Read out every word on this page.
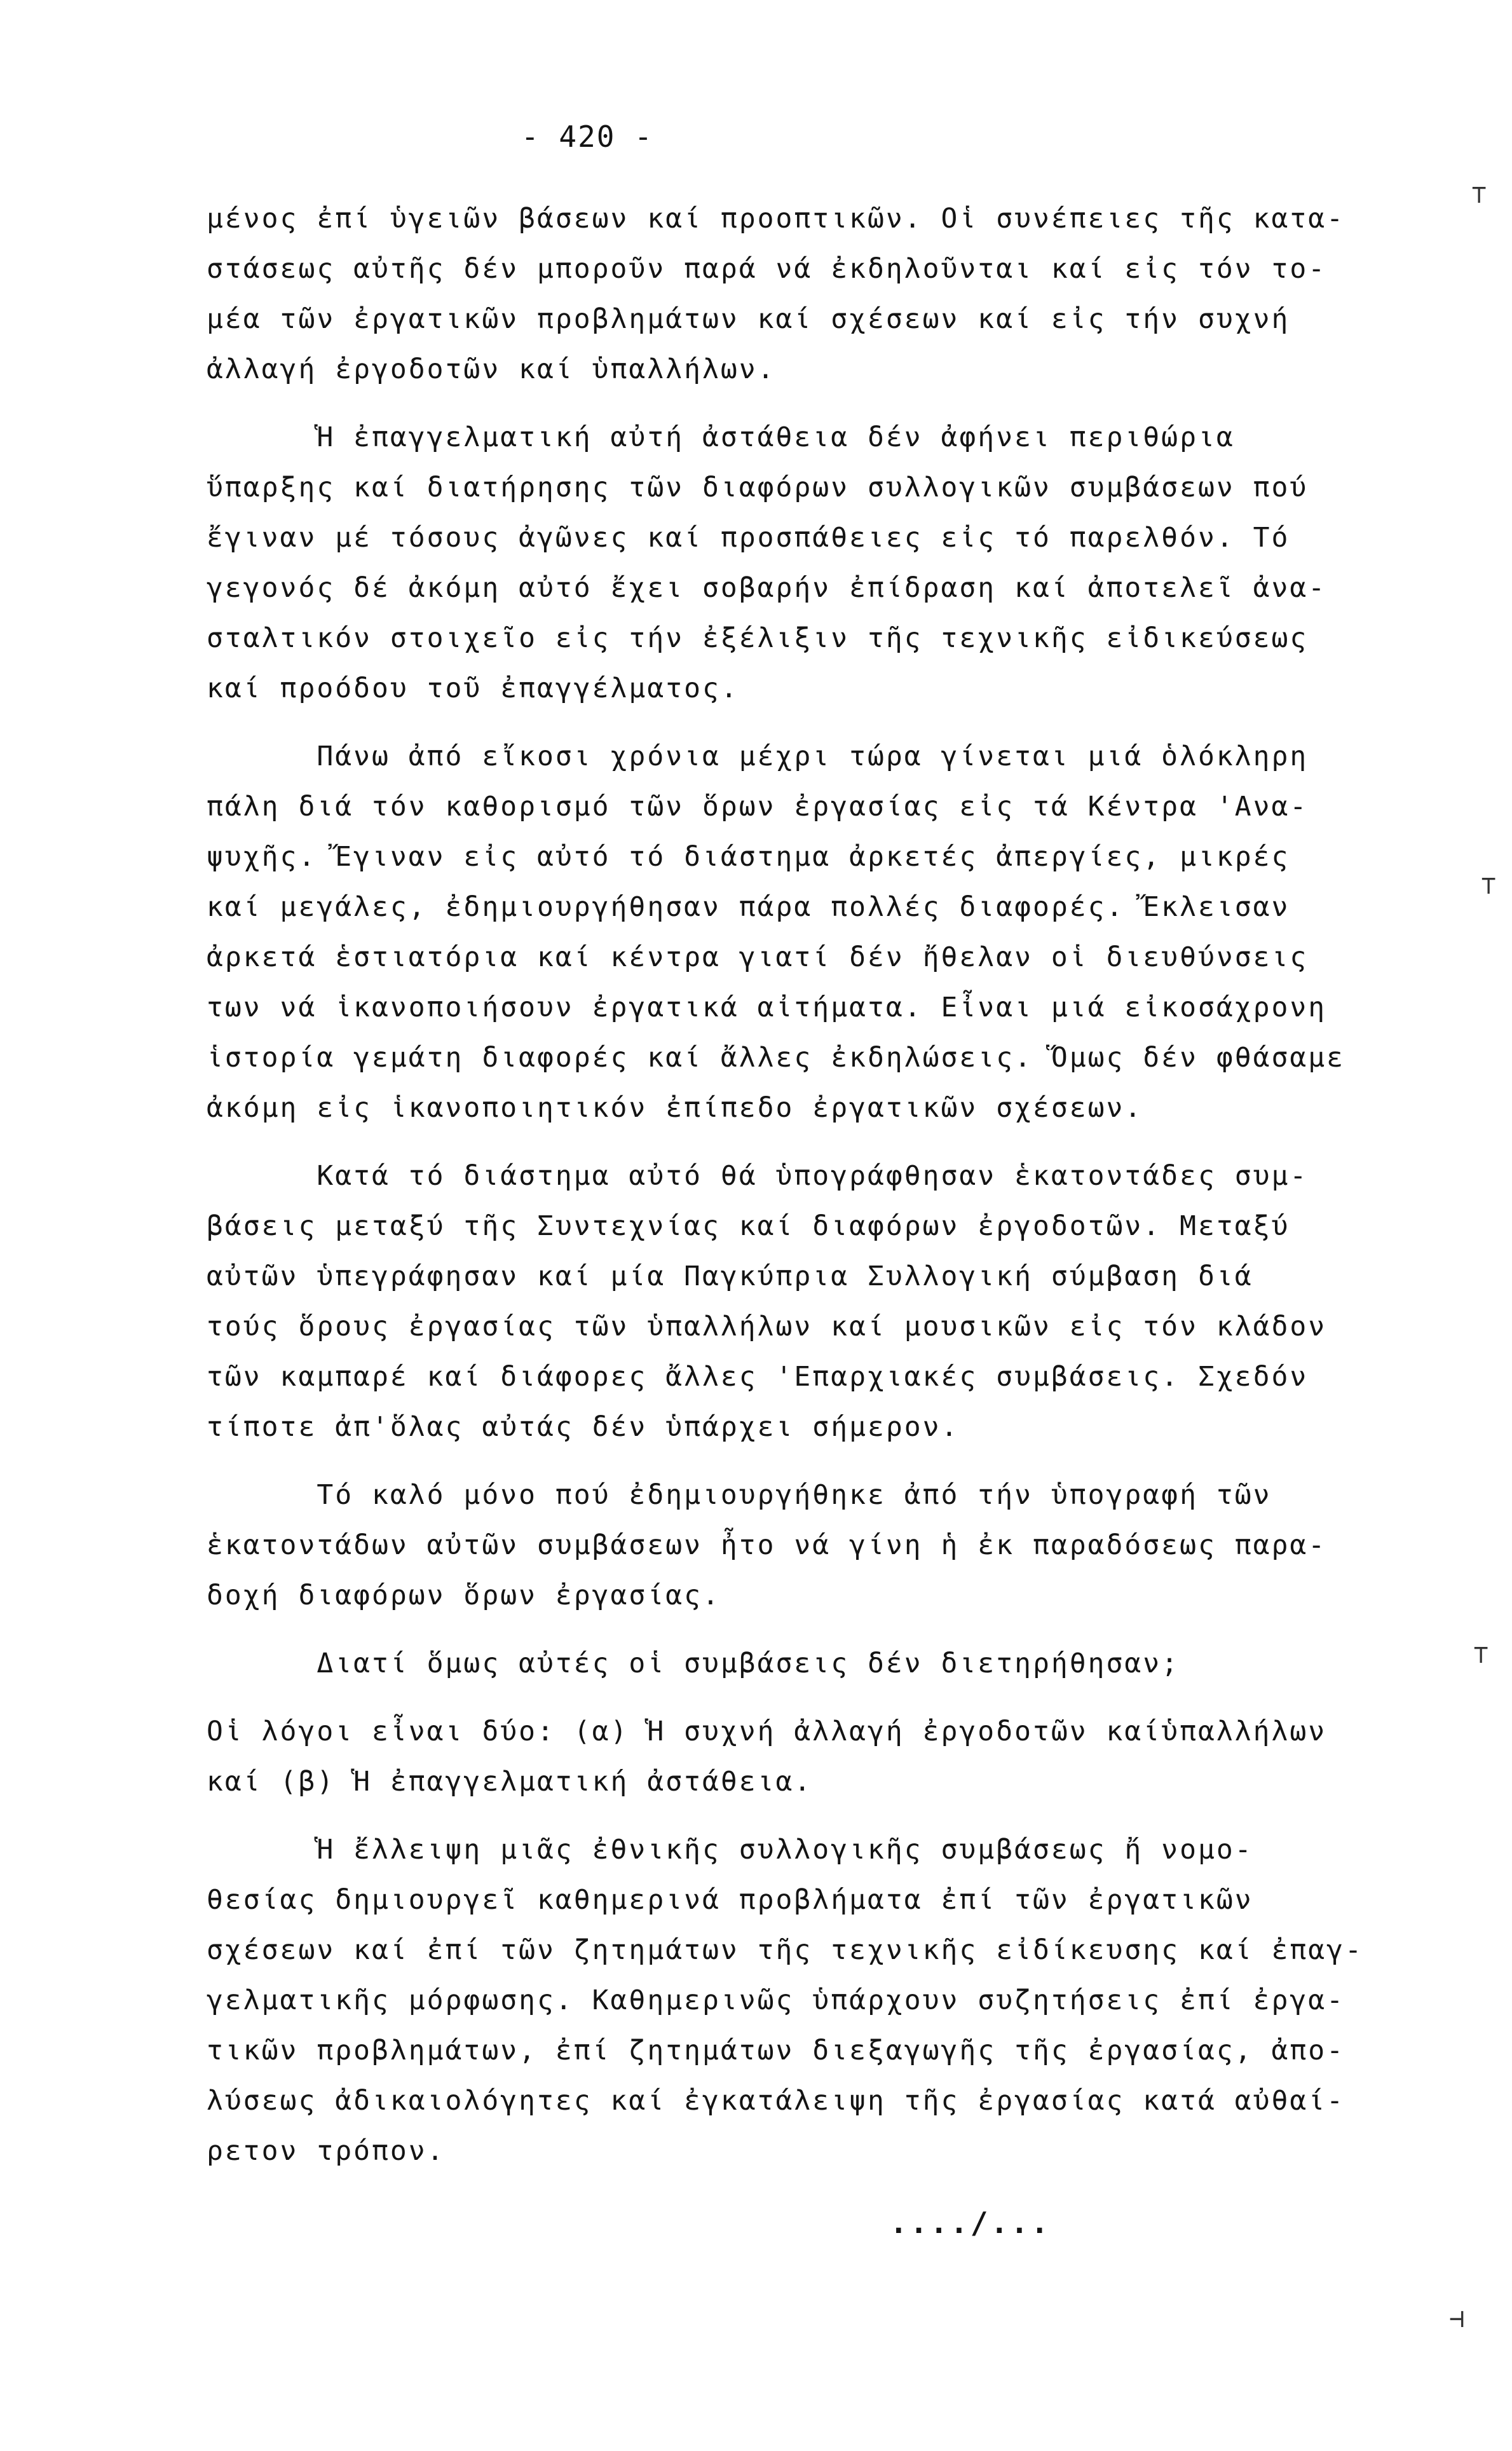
- 420 -
μένος ἐπί ὑγειῶν βάσεων καί προοπτικῶν. Οἱ συνέπειες τῆς κατα-
στάσεως αὐτῆς δέν μποροῦν παρά νά ἐκδηλοῦνται καί εἰς τόν το-
μέα τῶν ἐργατικῶν προβλημάτων καί σχέσεων καί εἰς τήν συχνή
ἀλλαγή ἐργοδοτῶν καί ὑπαλλήλων.
Ἡ ἐπαγγελματική αὐτή ἀστάθεια δέν ἀφήνει περιθώρια
ὕπαρξης καί διατήρησης τῶν διαφόρων συλλογικῶν συμβάσεων πού
ἔγιναν μέ τόσους ἀγῶνες καί προσπάθειες εἰς τό παρελθόν. Τό
γεγονός δέ ἀκόμη αὐτό ἔχει σοβαρήν ἐπίδραση καί ἀποτελεῖ ἀνα-
σταλτικόν στοιχεῖο εἰς τήν ἐξέλιξιν τῆς τεχνικῆς εἰδικεύσεως
καί προόδου τοῦ ἐπαγγέλματος.
Πάνω ἀπό εἴκοσι χρόνια μέχρι τώρα γίνεται μιά ὁλόκληρη
πάλη διά τόν καθορισμό τῶν ὅρων ἐργασίας εἰς τά Κέντρα 'Ανα-
ψυχῆς. Ἔγιναν εἰς αὐτό τό διάστημα ἀρκετές ἀπεργίες, μικρές
καί μεγάλες, ἐδημιουργήθησαν πάρα πολλές διαφορές. Ἔκλεισαν
ἀρκετά ἑστιατόρια καί κέντρα γιατί δέν ἤθελαν οἱ διευθύνσεις
των νά ἱκανοποιήσουν ἐργατικά αἰτήματα. Εἶναι μιά εἰκοσάχρονη
ἱστορία γεμάτη διαφορές καί ἄλλες ἐκδηλώσεις. Ὅμως δέν φθάσαμε
ἀκόμη εἰς ἱκανοποιητικόν ἐπίπεδο ἐργατικῶν σχέσεων.
Κατά τό διάστημα αὐτό θά ὑπογράφθησαν ἑκατοντάδες συμ-
βάσεις μεταξύ τῆς Συντεχνίας καί διαφόρων ἐργοδοτῶν. Μεταξύ
αὐτῶν ὑπεγράφησαν καί μία Παγκύπρια Συλλογική σύμβαση διά
τούς ὅρους ἐργασίας τῶν ὑπαλλήλων καί μουσικῶν εἰς τόν κλάδον
τῶν καμπαρέ καί διάφορες ἄλλες 'Επαρχιακές συμβάσεις. Σχεδόν
τίποτε ἀπ'ὅλας αὐτάς δέν ὑπάρχει σήμερον.
Τό καλό μόνο πού ἐδημιουργήθηκε ἀπό τήν ὑπογραφή τῶν
ἑκατοντάδων αὐτῶν συμβάσεων ἦτο νά γίνη ἡ ἐκ παραδόσεως παρα-
δοχή διαφόρων ὅρων ἐργασίας.
Διατί ὅμως αὐτές οἱ συμβάσεις δέν διετηρήθησαν;
Οἱ λόγοι εἶναι δύο: (α) Ἡ συχνή ἀλλαγή ἐργοδοτῶν καίὑπαλλήλων
καί (β) Ἡ ἐπαγγελματική ἀστάθεια.
Ἡ ἔλλειψη μιᾶς ἐθνικῆς συλλογικῆς συμβάσεως ἤ νομο-
θεσίας δημιουργεῖ καθημερινά προβλήματα ἐπί τῶν ἐργατικῶν
σχέσεων καί ἐπί τῶν ζητημάτων τῆς τεχνικῆς εἰδίκευσης καί ἐπαγ-
γελματικῆς μόρφωσης. Καθημερινῶς ὑπάρχουν συζητήσεις ἐπί ἐργα-
τικῶν προβλημάτων, ἐπί ζητημάτων διεξαγωγῆς τῆς ἐργασίας, ἀπο-
λύσεως ἀδικαιολόγητες καί ἐγκατάλειψη τῆς ἐργασίας κατά αὐθαί-
ρετον τρόπον.
..../...
⊤
⊤
⊤
⊣
